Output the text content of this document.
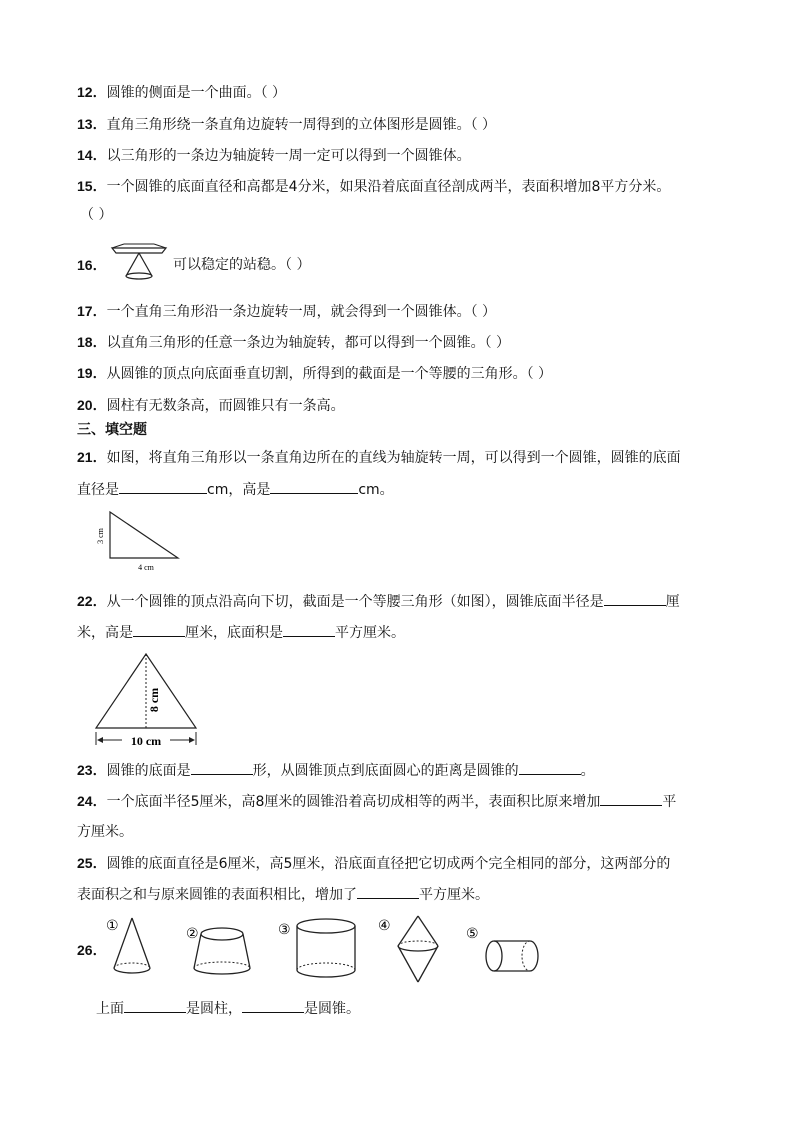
12．圆锥的侧面是一个曲面。（ ）
13．直角三角形绕一条直角边旋转一周得到的立体图形是圆锥。（ ）
14．以三角形的一条边为轴旋转一周一定可以得到一个圆锥体。
15．一个圆锥的底面直径和高都是4分米，如果沿着底面直径剖成两半，表面积增加8平方分米。
（ ）
16．	可以稳定的站稳。（ ）
17．一个直角三角形沿一条边旋转一周，就会得到一个圆锥体。（ ）
18．以直角三角形的任意一条边为轴旋转，都可以得到一个圆锥。（ ）
19．从圆锥的顶点向底面垂直切割，所得到的截面是一个等腰的三角形。（ ）
20．圆柱有无数条高，而圆锥只有一条高。
三、填空题
21．如图，将直角三角形以一条直角边所在的直线为轴旋转一周，可以得到一个圆锥，圆锥的底面
直径是	cm，高是	cm。
3 cm
4 cm
22．从一个圆锥的顶点沿高向下切，截面是一个等腰三角形（如图），圆锥底面半径是	厘
米，高是	厘米，底面积是	平方厘米。
8 cm
10 cm
23．圆锥的底面是	形，从圆锥顶点到底面圆心的距离是圆锥的	。
24．一个底面半径5厘米，高8厘米的圆锥沿着高切成相等的两半，表面积比原来增加	平
方厘米。
25．圆锥的底面直径是6厘米，高5厘米，沿底面直径把它切成两个完全相同的部分，这两部分的
表面积之和与原来圆锥的表面积相比，增加了	平方厘米。
26．
①	②	③	④	⑤
上面	是圆柱，	是圆锥。
